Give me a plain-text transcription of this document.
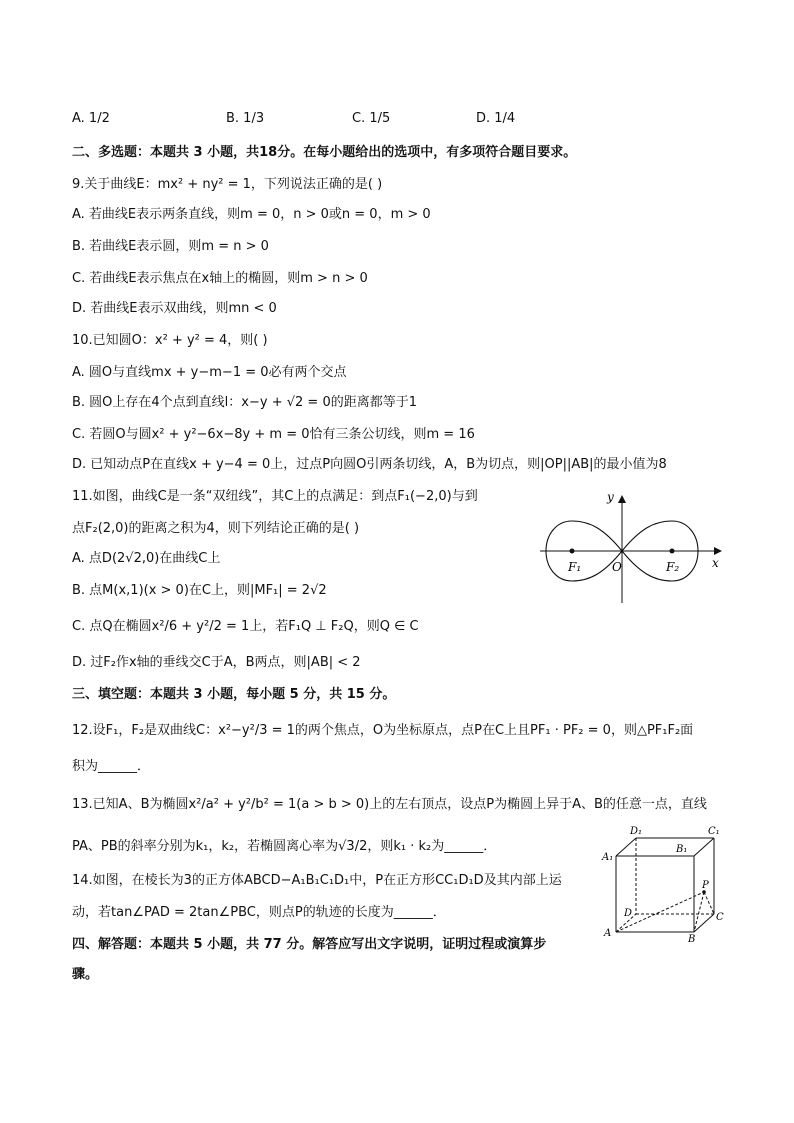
A. 1/2	B. 1/3	C. 1/5	D. 1/4
二、多选题：本题共 3 小题，共18分。在每小题给出的选项中，有多项符合题目要求。
9.关于曲线E：mx² + ny² = 1，下列说法正确的是( )
A. 若曲线E表示两条直线，则m = 0，n > 0或n = 0，m > 0
B. 若曲线E表示圆，则m = n > 0
C. 若曲线E表示焦点在x轴上的椭圆，则m > n > 0
D. 若曲线E表示双曲线，则mn < 0
10.已知圆O：x² + y² = 4，则( )
A. 圆O与直线mx + y−m−1 = 0必有两个交点
B. 圆O上存在4个点到直线l：x−y + √2 = 0的距离都等于1
C. 若圆O与圆x² + y²−6x−8y + m = 0恰有三条公切线，则m = 16
D. 已知动点P在直线x + y−4 = 0上，过点P向圆O引两条切线，A，B为切点，则|OP||AB|的最小值为8
11.如图，曲线C是一条“双纽线”，其C上的点满足：到点F₁(−2,0)与到
点F₂(2,0)的距离之积为4，则下列结论正确的是( )
A. 点D(2√2,0)在曲线C上
B. 点M(x,1)(x > 0)在C上，则|MF₁| = 2√2
C. 点Q在椭圆x²/6 + y²/2 = 1上，若F₁Q ⊥ F₂Q，则Q ∈ C
D. 过F₂作x轴的垂线交C于A，B两点，则|AB| < 2
y
x
O
F₁	F₂
三、填空题：本题共 3 小题，每小题 5 分，共 15 分。
12.设F₁，F₂是双曲线C：x²−y²/3 = 1的两个焦点，O为坐标原点，点P在C上且PF₁ · PF₂ = 0，则△PF₁F₂面
积为______．
13.已知A、B为椭圆x²/a² + y²/b² = 1(a > b > 0)上的左右顶点，设点P为椭圆上异于A、B的任意一点，直线
PA、PB的斜率分别为k₁，k₂，若椭圆离心率为√3/2，则k₁ · k₂为______．
14.如图，在棱长为3的正方体ABCD−A₁B₁C₁D₁中，P在正方形CC₁D₁D及其内部上运
动，若tan∠PAD = 2tan∠PBC，则点P的轨迹的长度为______．
四、解答题：本题共 5 小题，共 77 分。解答应写出文字说明，证明过程或演算步
骤。
D₁	C₁
A₁
B₁
P
D	C
A
B
